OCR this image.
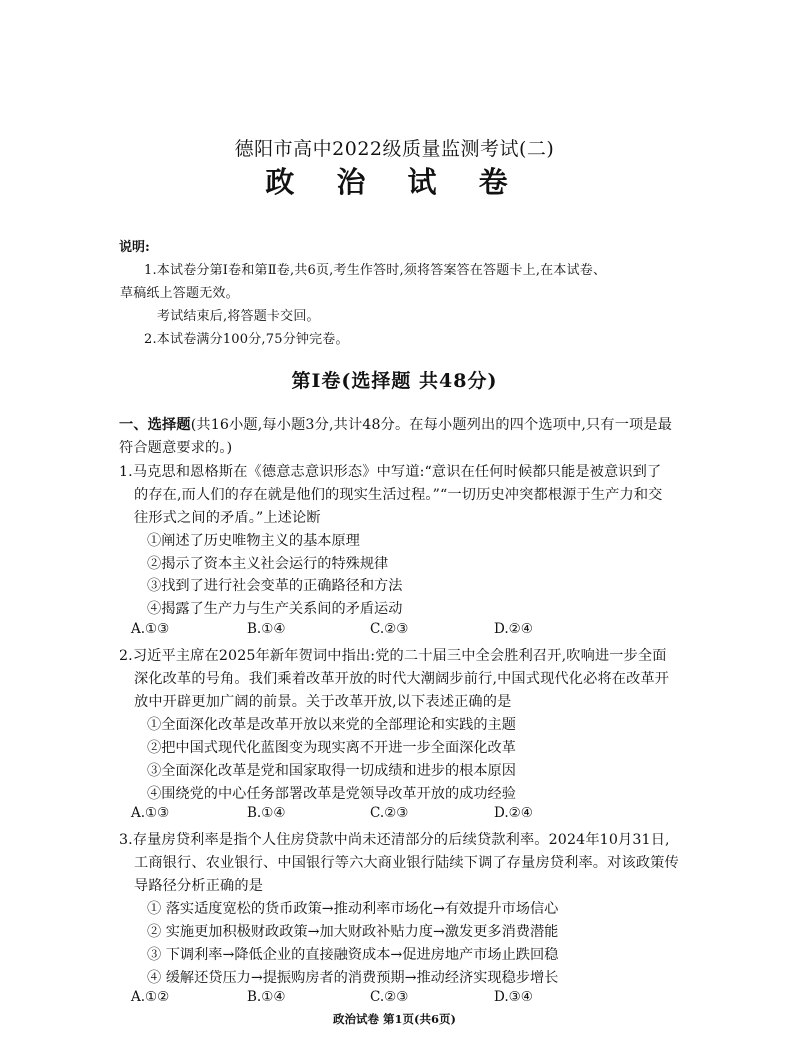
德阳市高中2022级质量监测考试(二)
政 治 试 卷
说明:
1.本试卷分第Ⅰ卷和第Ⅱ卷,共6页,考生作答时,须将答案答在答题卡上,在本试卷、
草稿纸上答题无效。
考试结束后,将答题卡交回。
第Ⅰ卷(选择题 共48分)
一、选择题(共16小题,每小题3分,共计48分。在每小题列出的四个选项中,只有一项是最
符合题意要求的。)
1.马克思和恩格斯在《德意志意识形态》中写道:“意识在任何时候都只能是被意识到了
的存在,而人们的存在就是他们的现实生活过程。”“一切历史冲突都根源于生产力和交
往形式之间的矛盾。”上述论断
①阐述了历史唯物主义的基本原理
②揭示了资本主义社会运行的特殊规律
③找到了进行社会变革的正确路径和方法
④揭露了生产力与生产关系间的矛盾运动
A.①③	B.①④	C.②③	D.②④
2.习近平主席在2025年新年贺词中指出:党的二十届三中全会胜利召开,吹响进一步全面
深化改革的号角。我们乘着改革开放的时代大潮阔步前行,中国式现代化必将在改革开
放中开辟更加广阔的前景。关于改革开放,以下表述正确的是
①全面深化改革是改革开放以来党的全部理论和实践的主题
②把中国式现代化蓝图变为现实离不开进一步全面深化改革
③全面深化改革是党和国家取得一切成绩和进步的根本原因
④围绕党的中心任务部署改革是党领导改革开放的成功经验
A.①③	B.①④	C.②③	D.②④
3.存量房贷利率是指个人住房贷款中尚未还清部分的后续贷款利率。2024年10月31日,
工商银行、农业银行、中国银行等六大商业银行陆续下调了存量房贷利率。对该政策传
导路径分析正确的是
① 落实适度宽松的货币政策→推动利率市场化→有效提升市场信心
② 实施更加积极财政政策→加大财政补贴力度→激发更多消费潜能
③ 下调利率→降低企业的直接融资成本→促进房地产市场止跌回稳
④ 缓解还贷压力→提振购房者的消费预期→推动经济实现稳步增长
A.①②	B.①④	C.②③	D.③④
政治试卷 第1页(共6页)
2.本试卷满分100分,75分钟完卷。
